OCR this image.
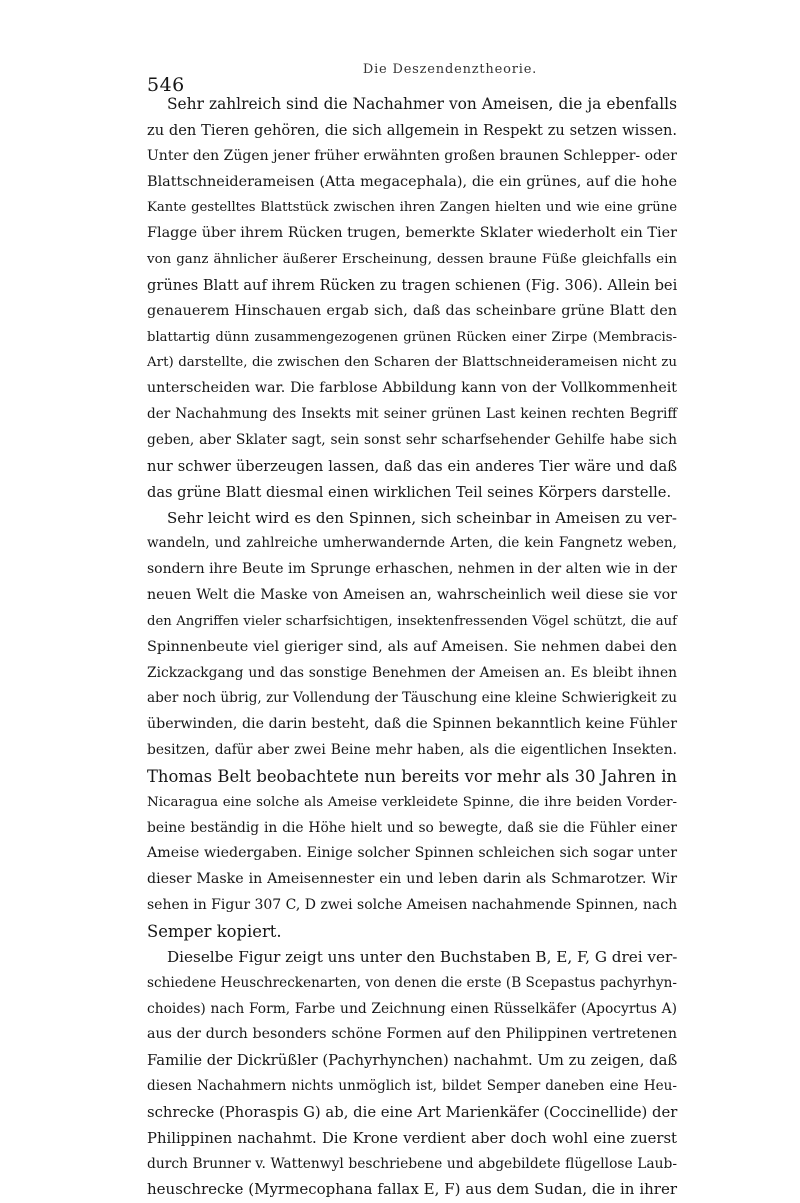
546
Die Deszendenztheorie.
Sehr zahlreich sind die Nachahmer von Ameisen, die ja ebenfalls
zu den Tieren gehören, die sich allgemein in Respekt zu setzen wissen.
Unter den Zügen jener früher erwähnten großen braunen Schlepper- oder
Blattschneiderameisen (Atta megacephala), die ein grünes, auf die hohe
Kante gestelltes Blattstück zwischen ihren Zangen hielten und wie eine grüne
Flagge über ihrem Rücken trugen, bemerkte Sklater wiederholt ein Tier
von ganz ähnlicher äußerer Erscheinung, dessen braune Füße gleichfalls ein
grünes Blatt auf ihrem Rücken zu tragen schienen (Fig. 306). Allein bei
genauerem Hinschauen ergab sich, daß das scheinbare grüne Blatt den
blattartig dünn zusammengezogenen grünen Rücken einer Zirpe (Membracis-
Art) darstellte, die zwischen den Scharen der Blattschneiderameisen nicht zu
unterscheiden war. Die farblose Abbildung kann von der Vollkommenheit
der Nachahmung des Insekts mit seiner grünen Last keinen rechten Begriff
geben, aber Sklater sagt, sein sonst sehr scharfsehender Gehilfe habe sich
nur schwer überzeugen lassen, daß das ein anderes Tier wäre und daß
das grüne Blatt diesmal einen wirklichen Teil seines Körpers darstelle.
Sehr leicht wird es den Spinnen, sich scheinbar in Ameisen zu ver-
wandeln, und zahlreiche umherwandernde Arten, die kein Fangnetz weben,
sondern ihre Beute im Sprunge erhaschen, nehmen in der alten wie in der
neuen Welt die Maske von Ameisen an, wahrscheinlich weil diese sie vor
den Angriffen vieler scharfsichtigen, insektenfressenden Vögel schützt, die auf
Spinnenbeute viel gieriger sind, als auf Ameisen. Sie nehmen dabei den
Zickzackgang und das sonstige Benehmen der Ameisen an. Es bleibt ihnen
aber noch übrig, zur Vollendung der Täuschung eine kleine Schwierigkeit zu
überwinden, die darin besteht, daß die Spinnen bekanntlich keine Fühler
besitzen, dafür aber zwei Beine mehr haben, als die eigentlichen Insekten.
Thomas Belt beobachtete nun bereits vor mehr als 30 Jahren in
Nicaragua eine solche als Ameise verkleidete Spinne, die ihre beiden Vorder-
beine beständig in die Höhe hielt und so bewegte, daß sie die Fühler einer
Ameise wiedergaben. Einige solcher Spinnen schleichen sich sogar unter
dieser Maske in Ameisennester ein und leben darin als Schmarotzer. Wir
sehen in Figur 307 C, D zwei solche Ameisen nachahmende Spinnen, nach
Semper kopiert.
Dieselbe Figur zeigt uns unter den Buchstaben B, E, F, G drei ver-
schiedene Heuschreckenarten, von denen die erste (B Scepastus pachyrhyn-
choides) nach Form, Farbe und Zeichnung einen Rüsselkäfer (Apocyrtus A)
aus der durch besonders schöne Formen auf den Philippinen vertretenen
Familie der Dickrüßler (Pachyrhynchen) nachahmt. Um zu zeigen, daß
diesen Nachahmern nichts unmöglich ist, bildet Semper daneben eine Heu-
schrecke (Phoraspis G) ab, die eine Art Marienkäfer (Coccinellide) der
Philippinen nachahmt. Die Krone verdient aber doch wohl eine zuerst
durch Brunner v. Wattenwyl beschriebene und abgebildete flügellose Laub-
heuschrecke (Myrmecophana fallax E, F) aus dem Sudan, die in ihrer
